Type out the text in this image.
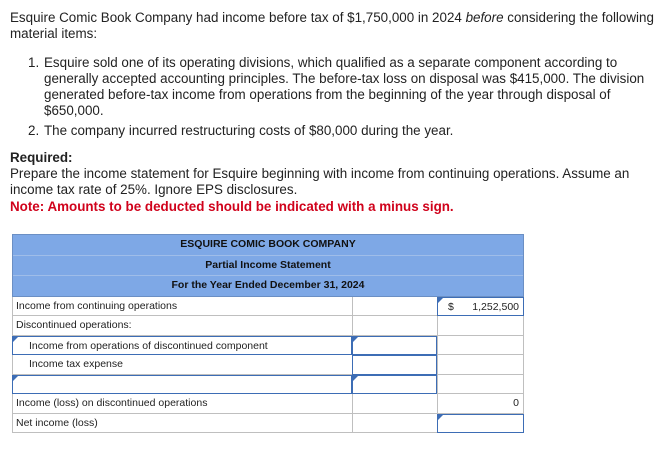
Esquire Comic Book Company had income before tax of $1,750,000 in 2024 before considering the following material items:

1. Esquire sold one of its operating divisions, which qualified as a separate component according to generally accepted accounting principles. The before-tax loss on disposal was $415,000. The division generated before-tax income from operations from the beginning of the year through disposal of $650,000.
2. The company incurred restructuring costs of $80,000 during the year.

Required:

Prepare the income statement for Esquire beginning with income from continuing operations. Assume an income tax rate of 25%. Ignore EPS disclosures.

Note: Amounts to be deducted should be indicated with a minus sign.

ESQUIRE COMIC BOOK COMPANY
Partial Income Statement
For the Year Ended December 31, 2024
Income from continuing operations	$ 1,252,500
Discontinued operations:
Income from operations of discontinued component
Income tax expense
Income (loss) on discontinued operations	0
Net income (loss)
